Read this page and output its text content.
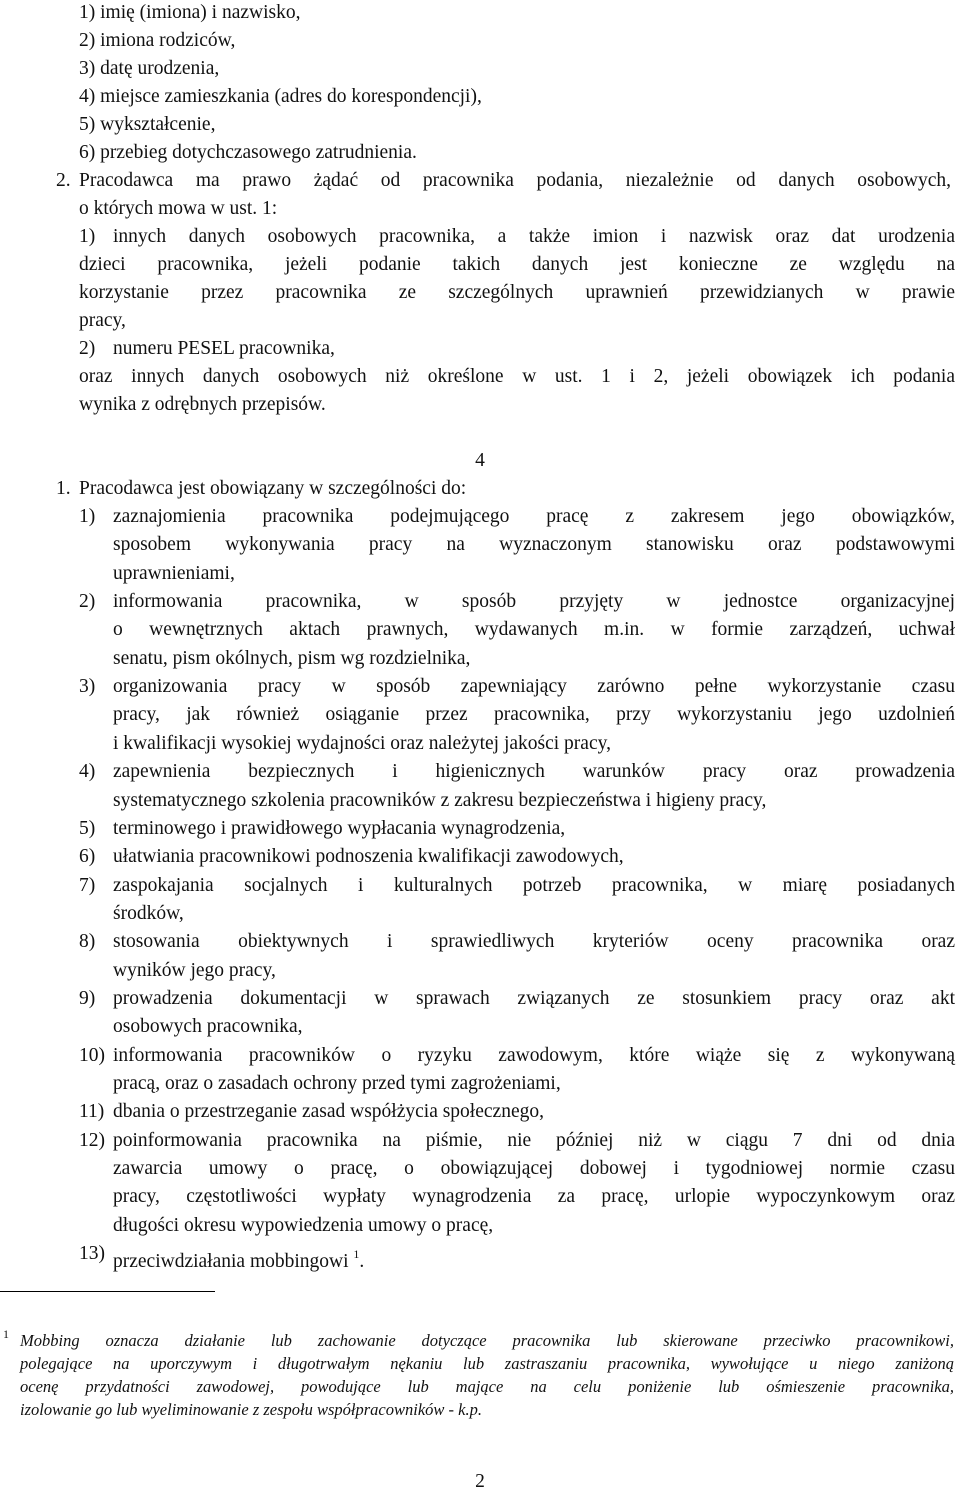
1) imię (imiona) i nazwisko,
2) imiona rodziców,
3) datę urodzenia,
4) miejsce zamieszkania (adres do korespondencji),
5) wykształcenie,
6) przebieg dotychczasowego zatrudnienia.
2. Pracodawca ma prawo żądać od pracownika podania, niezależnie od danych osobowych,
o których mowa w ust. 1:
1) innych danych osobowych pracownika, a także imion i nazwisk oraz dat urodzenia
dzieci pracownika, jeżeli podanie takich danych jest konieczne ze względu na
korzystanie przez pracownika ze szczególnych uprawnień przewidzianych w prawie
pracy,
2) numeru PESEL pracownika,
oraz innych danych osobowych niż określone w ust. 1 i 2, jeżeli obowiązek ich podania
wynika z odrębnych przepisów.
4
1. Pracodawca jest obowiązany w szczególności do:
1) zaznajomienia pracownika podejmującego pracę z zakresem jego obowiązków,
sposobem wykonywania pracy na wyznaczonym stanowisku oraz podstawowymi
uprawnieniami,
2) informowania pracownika, w sposób przyjęty w jednostce organizacyjnej
o wewnętrznych aktach prawnych, wydawanych m.in. w formie zarządzeń, uchwał
senatu, pism okólnych, pism wg rozdzielnika,
3) organizowania pracy w sposób zapewniający zarówno pełne wykorzystanie czasu
pracy, jak również osiąganie przez pracownika, przy wykorzystaniu jego uzdolnień
i kwalifikacji wysokiej wydajności oraz należytej jakości pracy,
4) zapewnienia bezpiecznych i higienicznych warunków pracy oraz prowadzenia
systematycznego szkolenia pracowników z zakresu bezpieczeństwa i higieny pracy,
5) terminowego i prawidłowego wypłacania wynagrodzenia,
6) ułatwiania pracownikowi podnoszenia kwalifikacji zawodowych,
7) zaspokajania socjalnych i kulturalnych potrzeb pracownika, w miarę posiadanych
środków,
8) stosowania obiektywnych i sprawiedliwych kryteriów oceny pracownika oraz
wyników jego pracy,
9) prowadzenia dokumentacji w sprawach związanych ze stosunkiem pracy oraz akt
osobowych pracownika,
10) informowania pracowników o ryzyku zawodowym, które wiąże się z wykonywaną
pracą, oraz o zasadach ochrony przed tymi zagrożeniami,
11) dbania o przestrzeganie zasad współżycia społecznego,
12) poinformowania pracownika na piśmie, nie później niż w ciągu 7 dni od dnia
zawarcia umowy o pracę, o obowiązującej dobowej i tygodniowej normie czasu
pracy, częstotliwości wypłaty wynagrodzenia za pracę, urlopie wypoczynkowym oraz
długości okresu wypowiedzenia umowy o pracę,
13) przeciwdziałania mobbingowi $^1$.
1 Mobbing oznacza działanie lub zachowanie dotyczące pracownika lub skierowane przeciwko pracownikowi,
polegające na uporczywym i długotrwałym nękaniu lub zastraszaniu pracownika, wywołujące u niego zaniżoną
ocenę przydatności zawodowej, powodujące lub mające na celu poniżenie lub ośmieszenie pracownika,
izolowanie go lub wyeliminowanie z zespołu współpracowników - k.p.
2
